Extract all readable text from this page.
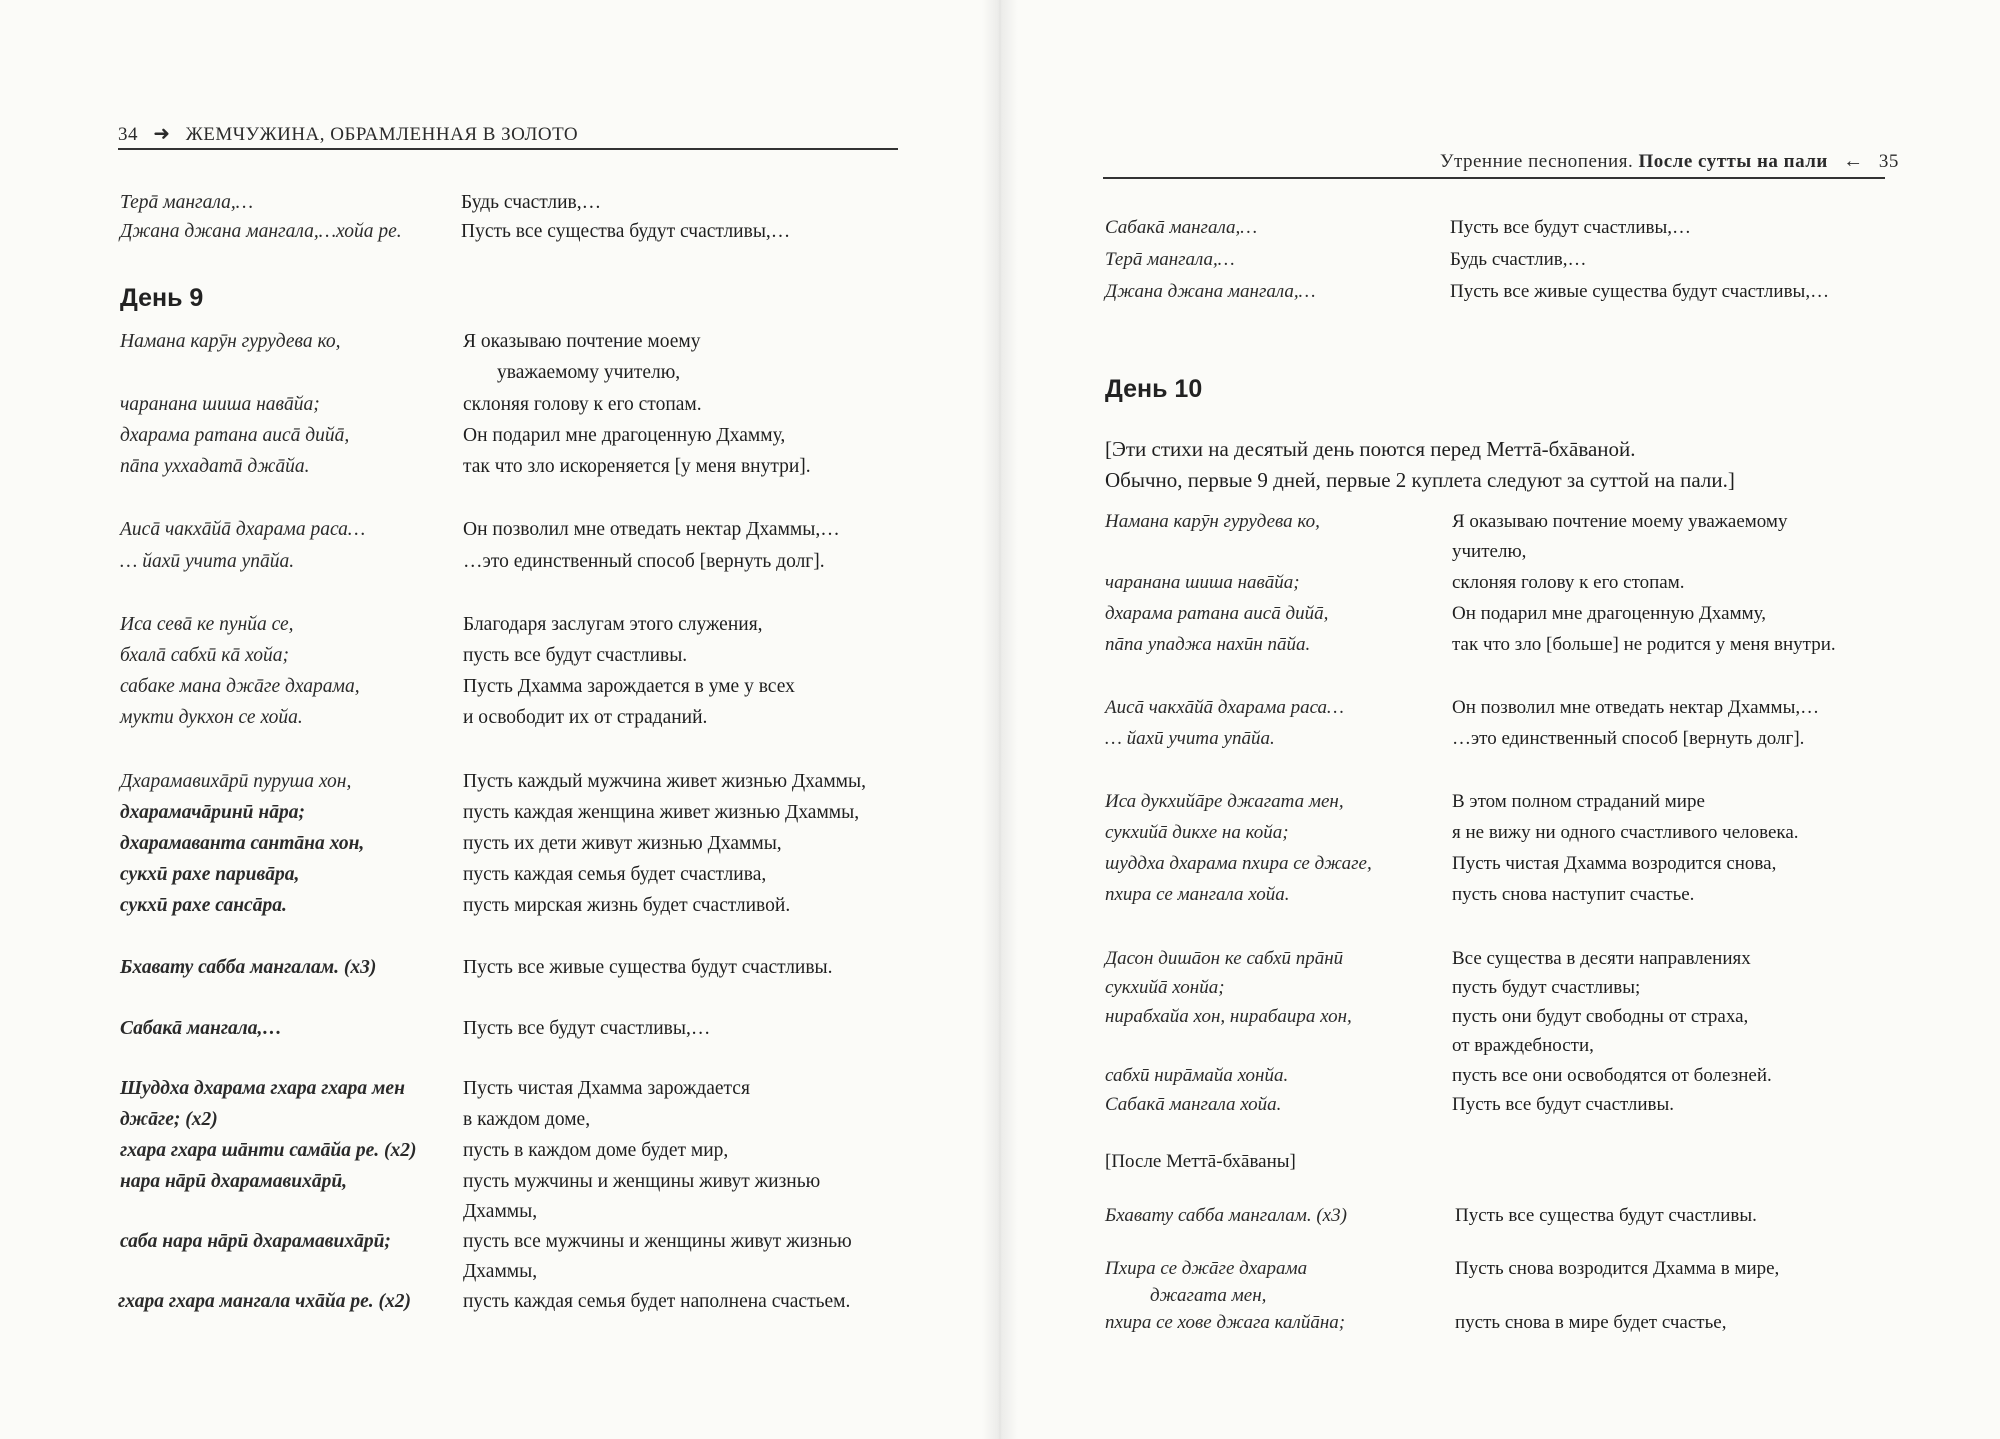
34 ➜ ЖЕМЧУЖИНА, ОБРАМЛЕННАЯ В ЗОЛОТО
Терā мангала,…	Будь счастлив,…
Джана джана мангала,…хойа ре.	Пусть все существа будут счастливы,…
День 9
Намана карӯн гурудева ко,	Я оказываю почтение моему
уважаемому учителю,
чаранана шиша навāйа;	склоняя голову к его стопам.
дхарама ратана аисā дийā,	Он подарил мне драгоценную Дхамму,
пāпа уххадатā джāйа.	так что зло искореняется [у меня внутри].
Аисā чакхāйā дхарама раса…	Он позволил мне отведать нектар Дхаммы,…
… йахӣ учита упāйа.	…это единственный способ [вернуть долг].
Иса севā ке пунйа се,	Благодаря заслугам этого служения,
бхалā сабхӣ кā хойа;	пусть все будут счастливы.
сабаке мана джāге дхарама,	Пусть Дхамма зарождается в уме у всех
мукти дукхон се хойа.	и освободит их от страданий.
Дхарамавихāрӣ пуруша хон,	Пусть каждый мужчина живет жизнью Дхаммы,
дхарамачāринӣ нāра;	пусть каждая женщина живет жизнью Дхаммы,
дхарамаванта сантāна хон,	пусть их дети живут жизнью Дхаммы,
сукхӣ рахе паривāра,	пусть каждая семья будет счастлива,
сукхӣ рахе сансāра.	пусть мирская жизнь будет счастливой.
Бхавату сабба мангалам. (x3)	Пусть все живые существа будут счастливы.
Сабакā мангала,…	Пусть все будут счастливы,…
Шуддха дхарама гхара гхара мен	Пусть чистая Дхамма зарождается
джāге; (x2)	в каждом доме,
гхара гхара шāнти самāйа ре. (x2) пусть в каждом доме будет мир,
нара нāрӣ дхарамавихāрӣ,	пусть мужчины и женщины живут жизнью
Дхаммы,
саба нара нāрӣ дхарамавихāрӣ;	пусть все мужчины и женщины живут жизнью
Дхаммы,
гхара гхара мангала чхāйа ре. (x2)	пусть каждая семья будет наполнена счастьем.
Утренние песнопения. После сутты на пали ← 35
Сабакā мангала,…	Пусть все будут счастливы,…
Терā мангала,…	Будь счастлив,…
Джана джана мангала,…	Пусть все живые существа будут счастливы,…
День 10
[Эти стихи на десятый день поются перед Меттā-бхāваной.
Обычно, первые 9 дней, первые 2 куплета следуют за суттой на пали.]
Намана карӯн гурудева ко,	Я оказываю почтение моему уважаемому
учителю,
чаранана шиша навāйа;	склоняя голову к его стопам.
дхарама ратана аисā дийā,	Он подарил мне драгоценную Дхамму,
пāпа упаджа нахӣн пāйа.	так что зло [больше] не родится у меня внутри.
Аисā чакхāйā дхарама раса…	Он позволил мне отведать нектар Дхаммы,…
… йахӣ учита упāйа.	…это единственный способ [вернуть долг].
Иса дукхийāре джагата мен,	В этом полном страданий мире
сукхийā дикхе на койа;	я не вижу ни одного счастливого человека.
шуддха дхарама пхира се джаге,	Пусть чистая Дхамма возродится снова,
пхира се мангала хойа.	пусть снова наступит счастье.
Дасон дишāон ке сабхӣ прāнӣ	Все существа в десяти направлениях
сукхийā хонйа;	пусть будут счастливы;
нирабхайа хон, нирабаира хон,	пусть они будут свободны от страха,
от враждебности,
сабхӣ нирāмайа хонйа.	пусть все они освободятся от болезней.
Сабакā мангала хойа.	Пусть все будут счастливы.
[После Меттā-бхāваны]
Бхавату сабба мангалам. (x3)	Пусть все существа будут счастливы.
Пхира се джāге дхарама	Пусть снова возродится Дхамма в мире,
джагата мен,
пхира се хове джага калйāна;	пусть снова в мире будет счастье,
